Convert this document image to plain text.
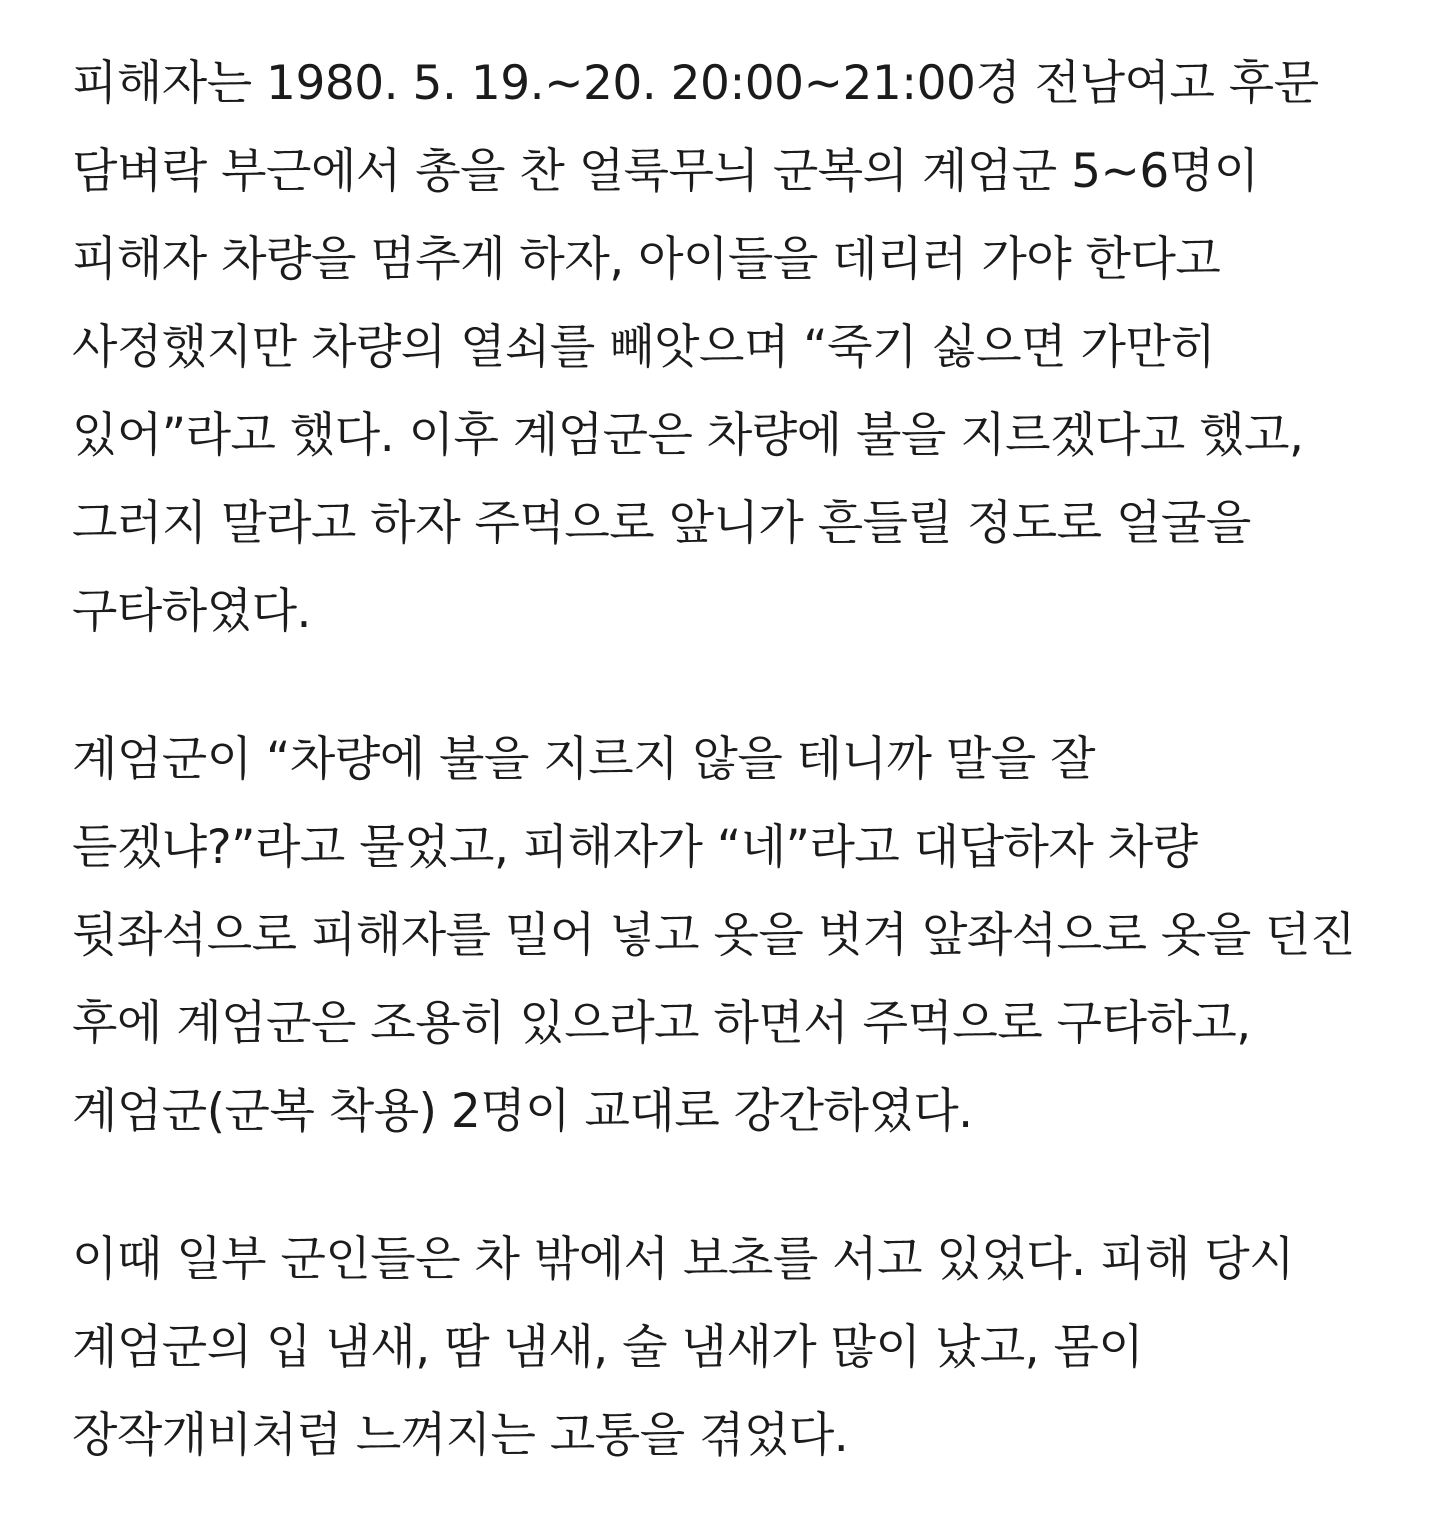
피해자는 1980. 5. 19.~20. 20:00~21:00경 전남여고 후문 담벼락 부근에서 총을 찬 얼룩무늬 군복의 계엄군 5~6명이 피해자 차량을 멈추게 하자, 아이들을 데리러 가야 한다고 사정했지만 차량의 열쇠를 빼앗으며 “죽기 싫으면 가만히 있어”라고 했다. 이후 계엄군은 차량에 불을 지르겠다고 했고, 그러지 말라고 하자 주먹으로 앞니가 흔들릴 정도로 얼굴을 구타하였다.

계엄군이 “차량에 불을 지르지 않을 테니까 말을 잘 듣겠냐?”라고 물었고, 피해자가 “네”라고 대답하자 차량 뒷좌석으로 피해자를 밀어 넣고 옷을 벗겨 앞좌석으로 옷을 던진 후에 계엄군은 조용히 있으라고 하면서 주먹으로 구타하고, 계엄군(군복 착용) 2명이 교대로 강간하였다.

이때 일부 군인들은 차 밖에서 보초를 서고 있었다. 피해 당시 계엄군의 입 냄새, 땀 냄새, 술 냄새가 많이 났고, 몸이 장작개비처럼 느껴지는 고통을 겪었다.
